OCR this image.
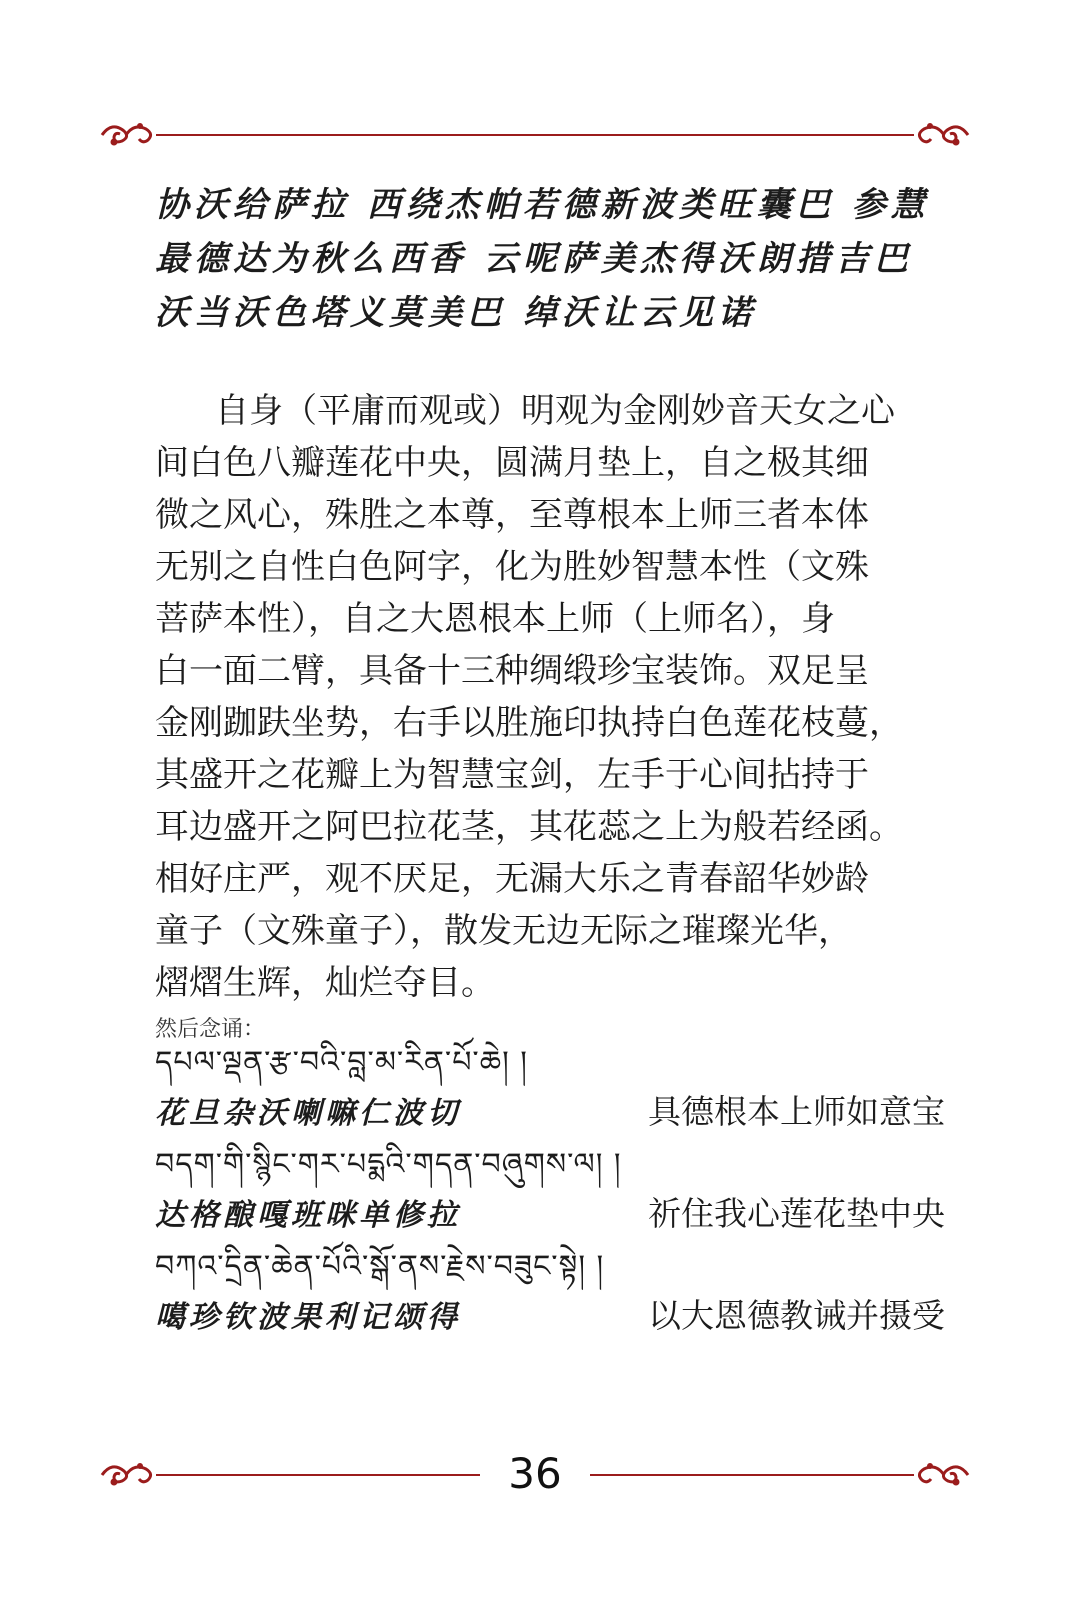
协沃给萨拉 西绕杰帕若德新波类旺囊巴 参慧
最德达为秋么西香 云呢萨美杰得沃朗措吉巴
沃当沃色塔义莫美巴 绰沃让云见诺
自身（平庸而观或）明观为金刚妙音天女之心
间白色八瓣莲花中央，圆满月垫上，自之极其细
微之风心，殊胜之本尊，至尊根本上师三者本体
无别之自性白色阿字，化为胜妙智慧本性（文殊
菩萨本性），自之大恩根本上师（上师名），身
白一面二臂，具备十三种绸缎珍宝装饰。双足呈
金刚跏趺坐势，右手以胜施印执持白色莲花枝蔓，
其盛开之花瓣上为智慧宝剑，左手于心间拈持于
耳边盛开之阿巴拉花茎，其花蕊之上为般若经函。
相好庄严，观不厌足，无漏大乐之青春韶华妙龄
童子（文殊童子），散发无边无际之璀璨光华，
熠熠生辉，灿烂夺目。
然后念诵：
དཔལ་ལྡན་རྩ་བའི་བླ་མ་རིན་པོ་ཆེ། །
花旦杂沃喇嘛仁波切	具德根本上师如意宝
བདག་གི་སྙིང་གར་པདྨའི་གདན་བཞུགས་ལ། །
达格酿嘎班咪单修拉	祈住我心莲花垫中央
བཀའ་དྲིན་ཆེན་པོའི་སྒོ་ནས་རྗེས་བཟུང་སྟེ། །
噶珍钦波果利记颂得	以大恩德教诫并摄受
36
